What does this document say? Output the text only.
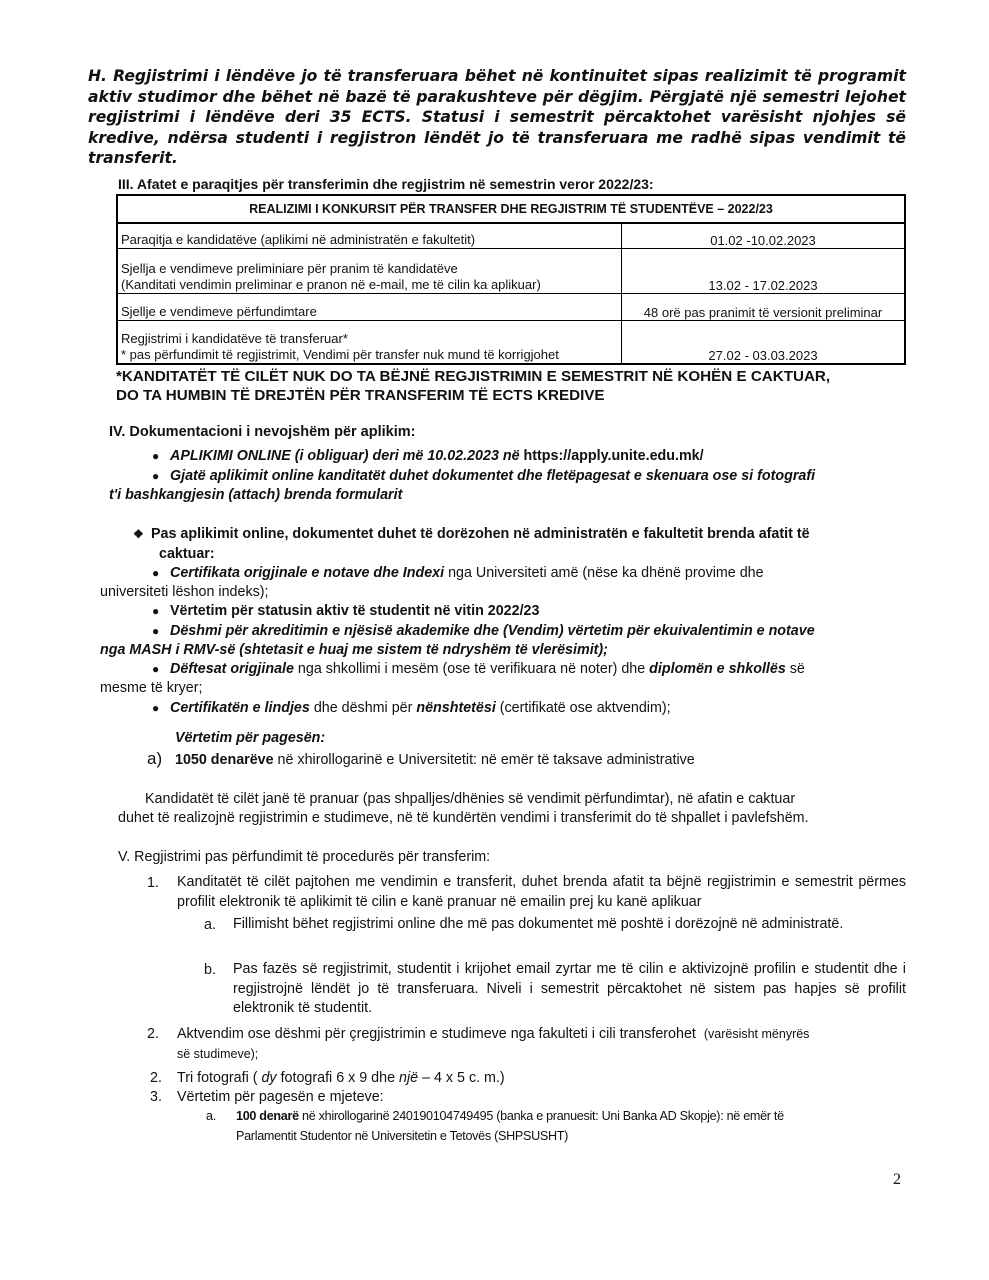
H. Regjistrimi i lëndëve jo të transferuara bëhet në kontinuitet sipas realizimit të programit aktiv studimor dhe bëhet në bazë të parakushteve për dëgjim. Përgjatë një semestri lejohet regjistrimi i lëndëve deri 35 ECTS. Statusi i semestrit përcaktohet varësisht njohjes së kredive, ndërsa studenti i regjistron lëndët jo të transferuara me radhë sipas vendimit të transferit.

III. Afatet e paraqitjes për transferimin dhe regjistrim në semestrin veror 2022/23:

REALIZIMI I KONKURSIT PËR TRANSFER DHE REGJISTRIM TË STUDENTËVE – 2022/23	
Paraqitja e kandidatëve (aplikimi në administratën e fakultetit)	01.02 -10.02.2023
Sjellja e vendimeve preliminiare për pranim të kandidatëve
(Kanditati vendimin preliminar e pranon në e-mail, me të cilin ka aplikuar)	13.02 - 17.02.2023
Sjellje e vendimeve përfundimtare	48 orë pas pranimit të versionit preliminar
Regjistrimi i kandidatëve të transferuar*
* pas përfundimit të regjistrimit, Vendimi për transfer nuk mund të korrigjohet	27.02 - 03.03.2023
*KANDITATËT TË CILËT NUK DO TA BËJNË REGJISTRIMIN E SEMESTRIT NË KOHËN E CAKTUAR,
DO TA HUMBIN TË DREJTËN PËR TRANSFERIM TË ECTS KREDIVE

IV. Dokumentacioni i nevojshëm për aplikim:

● APLIKIMI ONLINE (i obliguar) deri më 10.02.2023 në https://apply.unite.edu.mk/

● Gjatë aplikimit online kanditatët duhet dokumentet dhe fletëpagesat e skenuara ose si fotografi

t'i bashkangjesin (attach) brenda formularit

❖ Pas aplikimit online, dokumentet duhet të dorëzohen në administratën e fakultetit brenda afatit të

caktuar:

● Certifikata origjinale e notave dhe Indexi nga Universiteti amë (nëse ka dhënë provime dhe

universiteti lëshon indeks);

● Vërtetim për statusin aktiv të studentit në vitin 2022/23

● Dëshmi për akreditimin e njësisë akademike dhe (Vendim) vërtetim për ekuivalentimin e notave

nga MASH i RMV-së (shtetasit e huaj me sistem të ndryshëm të vlerësimit);

● Dëftesat origjinale nga shkollimi i mesëm (ose të verifikuara në noter) dhe diplomën e shkollës së

mesme të kryer;

● Certifikatën e lindjes dhe dëshmi për nënshtetësi (certifikatë ose aktvendim);

Vërtetim për pagesën:

a) 1050 denarëve në xhirollogarinë e Universitetit: në emër të taksave administrative

Kandidatët të cilët janë të pranuar (pas shpalljes/dhënies së vendimit përfundimtar), në afatin e caktuar

duhet të realizojnë regjistrimin e studimeve, në të kundërtën vendimi i transferimit do të shpallet i pavlefshëm.

V. Regjistrimi pas përfundimit të procedurës për transferim:

1. Kanditatët të cilët pajtohen me vendimin e transferit, duhet brenda afatit ta bëjnë regjistrimin e semestrit përmes profilit elektronik të aplikimit të cilin e kanë pranuar në emailin prej ku kanë aplikuar

a. Fillimisht bëhet regjistrimi online dhe më pas dokumentet më poshtë i dorëzojnë në administratë.

b. Pas fazës së regjistrimit, studentit i krijohet email zyrtar me të cilin e aktivizojnë profilin e studentit dhe i regjistrojnë lëndët jo të transferuara. Niveli i semestrit përcaktohet në sistem pas hapjes së profilit elektronik të studentit.

2. Aktvendim ose dëshmi për çregjistrimin e studimeve nga fakulteti i cili transferohet (varësisht mënyrës

së studimeve);

2. Tri fotografi ( dy fotografi 6 x 9 dhe një – 4 x 5 c. m.)

3. Vërtetim për pagesën e mjeteve:

a. 100 denarë në xhirollogarinë 240190104749495 (banka e pranuesit: Uni Banka AD Skopje): në emër të

Parlamentit Studentor në Universitetin e Tetovës (SHPSUSHT)

2
